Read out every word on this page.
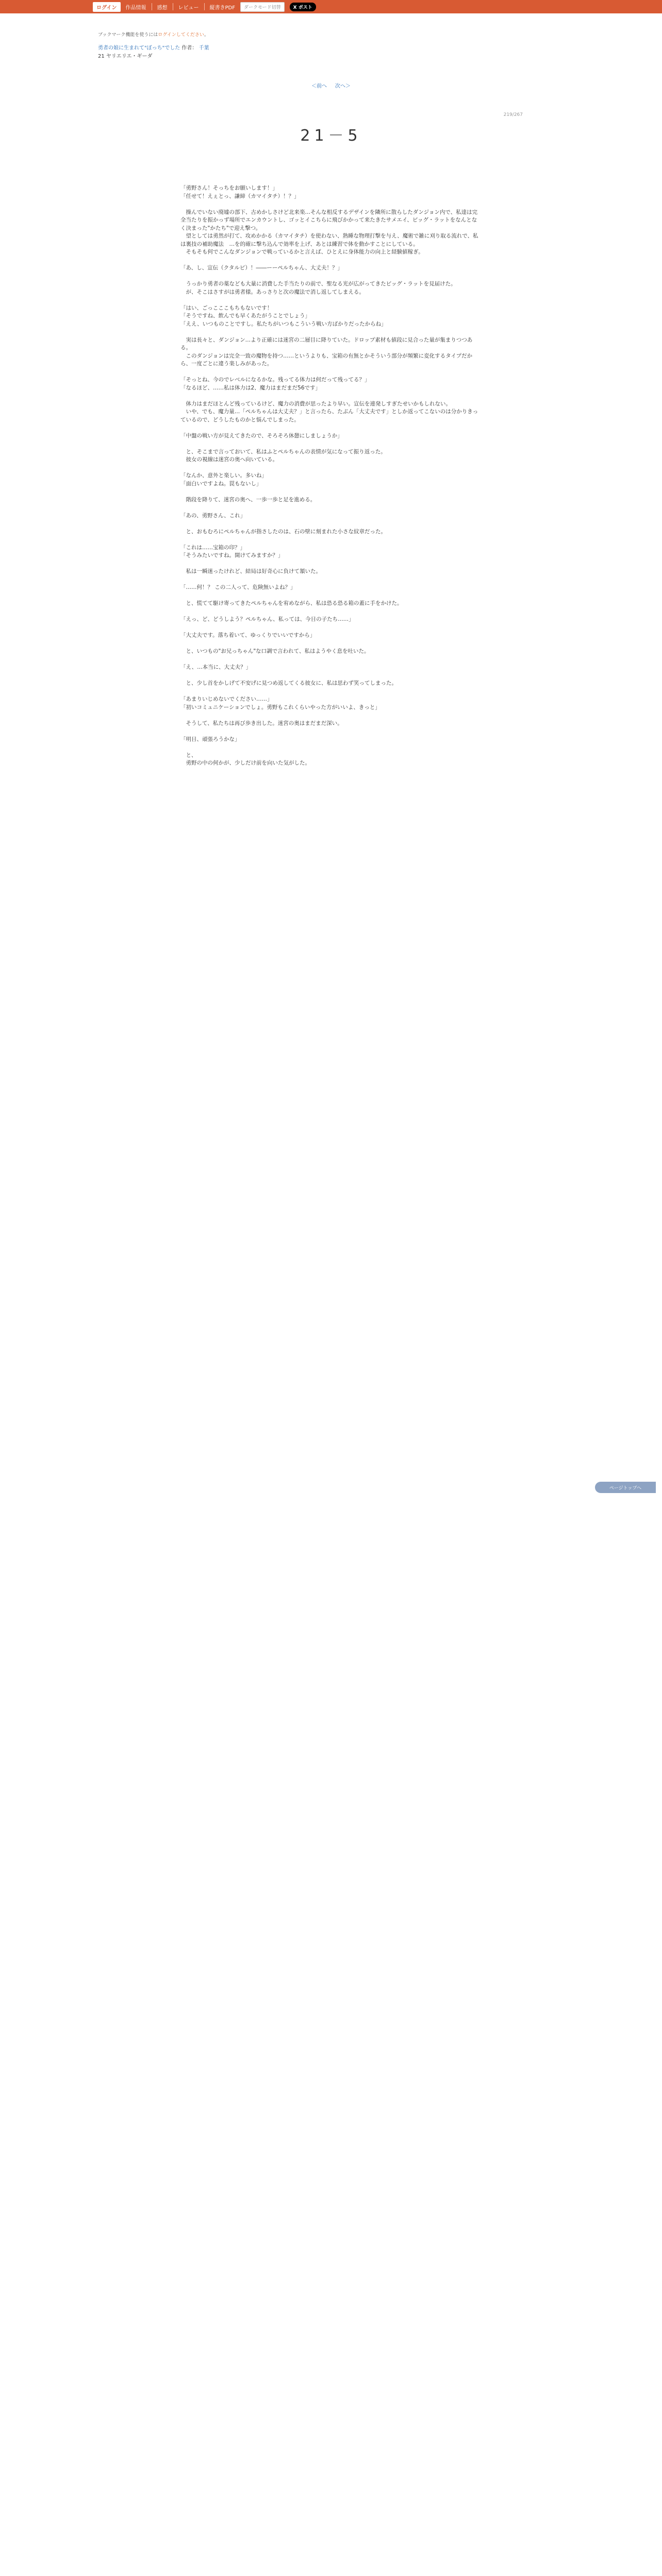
ログイン	作品情報 感想 レビュー 縦書きPDF	ダークモード切替	X ポスト
ブックマーク機能を使うにはログインしてください。
勇者の娘に生まれて"ぼっち"でした 作者： 千葉
21 ヤリエリエ・ギーダ
＜前へ 次へ＞
219/267
21－5
「勇野さん！そっちをお願いします！」
「任せて！えぇとっ、謙締（カマイタチ）！？」

　操んでいない廃墟の部下、古めかしさけど北来楽…そんな相反するデザインを隣所に散らしたダンジョン内で、私達は完全当たりを振かっず場所でエンカウントし、ゴッとイこちらに飛びかかって来たきたサメエイ、ビッグ・ラットをなんとなく決まった"かたち"で迎え撃つ。
　望としては勇然が打て、攻めかかる（カマイタチ）を使わない、熟睡な物理打撃を与え、魔術で雑に刈り取る流れで、私は裏技の補助魔法　…を的確に撃ち込んで効率を上げ、あとは練習で体を動かすことにしている。
　そもそも何でこんなダンジョンで戦っているかと言えば、ひとえに身体能力の向上と経験値稼ぎ。

「あ、し、宣伝（クタルビ）！――ーーペルちゃん、大丈夫！？」

　うっかり勇者の薬なども大量に消費した手当たりの前で、聖なる光が広がってきたビッグ・ラットを見届けた。
　が、そこはさすがは勇者様。あっさりと次の魔法で消し返してしまえる。

「はい、ごっこここもちもないです！
「そうですね、飲んでも早くあたがうことでしょう」
「ええ、いつものことですし。私たちがいつもこういう戦い方ばかりだったからね」

　実は長々と、ダンジョン…より正確には迷宮の二層目に降りていた。ドロップ素材も値段に見合った量が集まりつつある。
　このダンジョンは完全一致の魔物を持つ……というよりも、宝箱の有無とかそういう部分が頻繁に変化するタイプだから、一度ごとに違う楽しみがあった。

「そっとね、今のでレベルになるかな。残ってる体力は何だって残ってる？」
「なるほど、……私は体力は2、魔力はまだまだ56です」

　体力はまだほとんど残っているけど、魔力の消費が思ったより早い。宣伝を連発しすぎたせいかもしれない。
　いや、でも、魔力量…「ペルちゃんは大丈夫？」と言ったら、たぶん「大丈夫です」としか返ってこないのは分かりきっているので、どうしたものかと悩んでしまった。

「中盤の戦い方が見えてきたので、そろそろ休憩にしましょうか」

　と、そこまで言っておいて、私はふとペルちゃんの表情が気になって振り返った。
　彼女の視線は迷宮の奥へ向いている。

「なんか、意外と楽しい。多いね」
「面白いですよね。罠もないし」

　階段を降りて、迷宮の奥へ、一歩一歩と足を進める。

「あの、勇野さん、これ」

　と、おもむろにペルちゃんが指さしたのは、石の壁に刻まれた小さな紋章だった。

「これは……宝箱の印？」
「そうみたいですね。開けてみますか？」

　私は一瞬迷ったけれど、結局は好奇心に負けて頷いた。

「……何！？ この二人って、危険無いよね？」

　と、慌てて駆け寄ってきたペルちゃんを宥めながら、私は恐る恐る箱の蓋に手をかけた。

「えっ、ど、どうしよう？ペルちゃん、私っては、今日の子たち……」

「大丈夫です。落ち着いて、ゆっくりでいいですから」

　と、いつもの"お兄っちゃん"な口調で言われて、私はようやく息を吐いた。

「え、…本当に、大丈夫？」

　と、少し首をかしげて不安げに見つめ返してくる彼女に、私は思わず笑ってしまった。

「あまりいじめないでください……」
「初いコミュニケーションでしょ。勇野もこれくらいやった方がいいよ、きっと」

　そうして、私たちは再び歩き出した。迷宮の奥はまだまだ深い。

「明日、頑張ろうかな」

　と、
　勇野の中の何かが、少しだけ前を向いた気がした。
ページトップへ
